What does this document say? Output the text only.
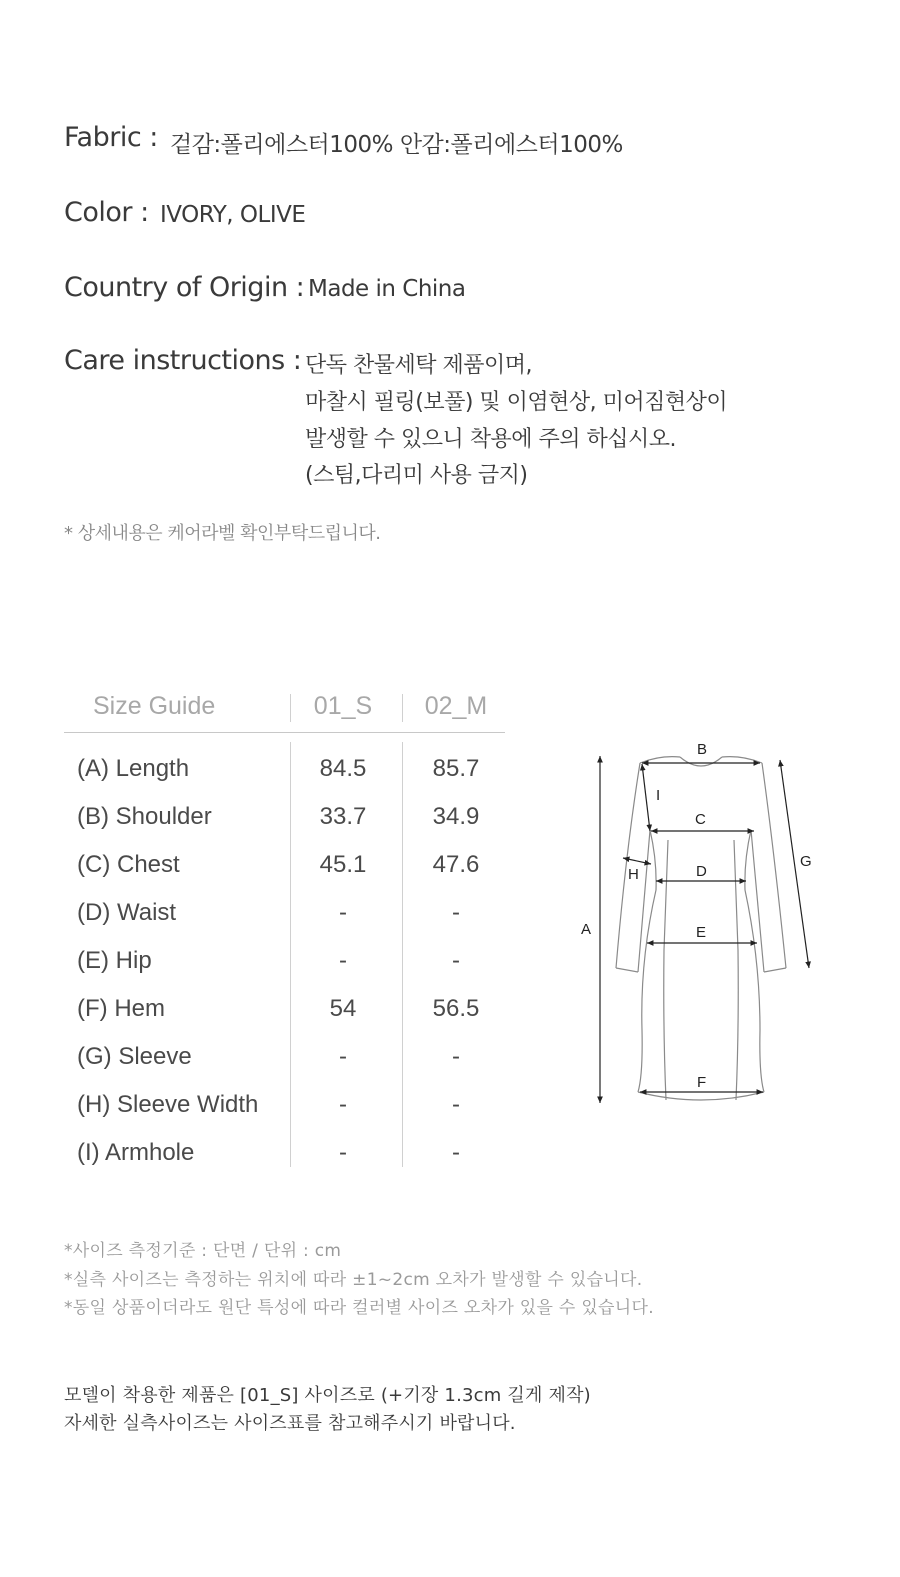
Fabric : 겉감:폴리에스터100% 안감:폴리에스터100%
Color : IVORY, OLIVE
Country of Origin : Made in China
Care instructions : 단독 찬물세탁 제품이며,
마찰시 필링(보풀) 및 이염현상, 미어짐현상이
발생할 수 있으니 착용에 주의 하십시오.
(스팀,다리미 사용 금지)
* 상세내용은 케어라벨 확인부탁드립니다.
Size Guide	01_S	02_M
(A) Length	84.5	85.7
(B) Shoulder	33.7	34.9
(C) Chest	45.1	47.6
(D) Waist	-	-
(E) Hip	-	-
(F) Hem	54	56.5
(G) Sleeve	-	-
(H) Sleeve Width	-	-
(I) Armhole	-	-
A
B
C
D
E
F
G
H
I
*사이즈 측정기준 : 단면 / 단위 : cm
*실측 사이즈는 측정하는 위치에 따라 ±1~2cm 오차가 발생할 수 있습니다.
*동일 상품이더라도 원단 특성에 따라 컬러별 사이즈 오차가 있을 수 있습니다.
모델이 착용한 제품은 [01_S] 사이즈로 (+기장 1.3cm 길게 제작)
자세한 실측사이즈는 사이즈표를 참고해주시기 바랍니다.
